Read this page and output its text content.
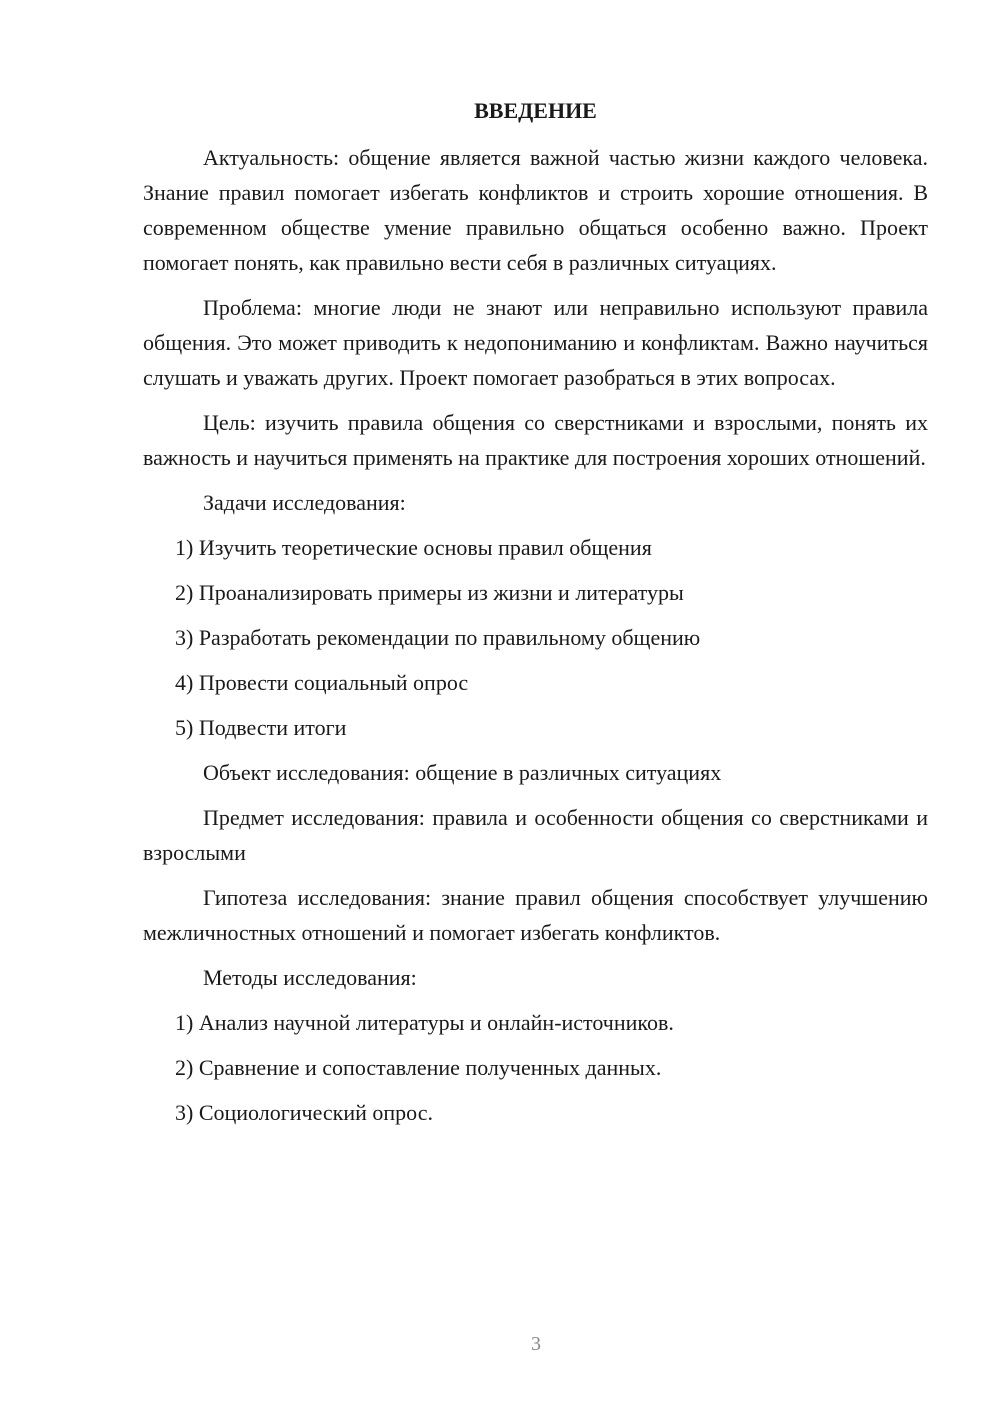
ВВЕДЕНИЕ

Актуальность: общение является важной частью жизни каждого человека. Знание правил помогает избегать конфликтов и строить хорошие отношения. В современном обществе умение правильно общаться особенно важно. Проект помогает понять, как правильно вести себя в различных ситуациях.

Проблема: многие люди не знают или неправильно используют правила общения. Это может приводить к недопониманию и конфликтам. Важно научиться слушать и уважать других. Проект помогает разобраться в этих вопросах.

Цель: изучить правила общения со сверстниками и взрослыми, понять их важность и научиться применять на практике для построения хороших отношений.

Задачи исследования:
1) Изучить теоретические основы правил общения
2) Проанализировать примеры из жизни и литературы
3) Разработать рекомендации по правильному общению
4) Провести социальный опрос
5) Подвести итоги
Объект исследования: общение в различных ситуациях

Предмет исследования: правила и особенности общения со сверстниками и взрослыми

Гипотеза исследования: знание правил общения способствует улучшению межличностных отношений и помогает избегать конфликтов.

Методы исследования:
1) Анализ научной литературы и онлайн-источников.
2) Сравнение и сопоставление полученных данных.
3) Социологический опрос.
3
